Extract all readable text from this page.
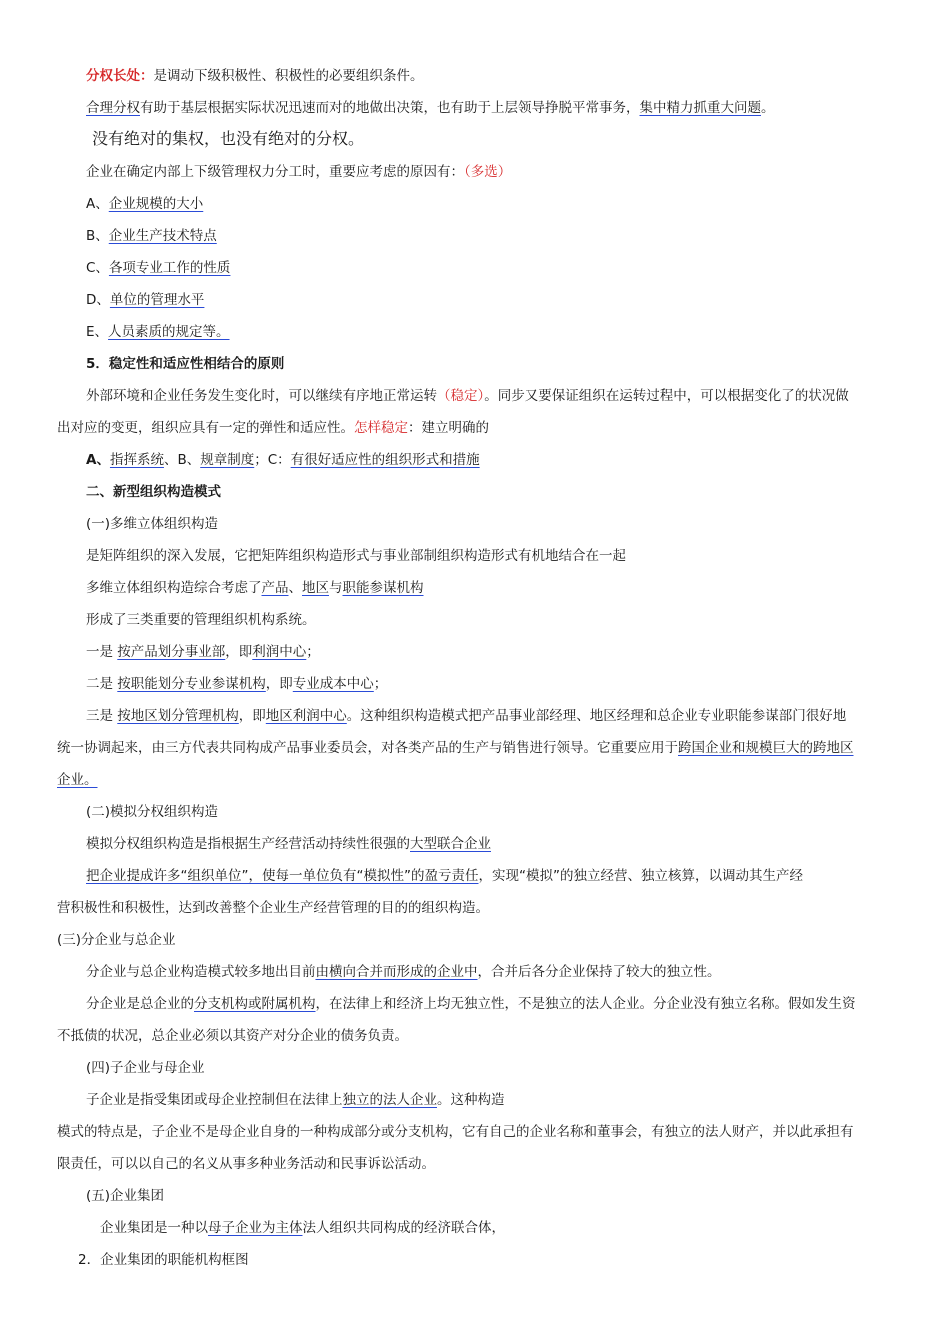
分权长处：是调动下级积极性、积极性的必要组织条件。
合理分权有助于基层根据实际状况迅速而对的地做出决策，也有助于上层领导挣脱平常事务，集中精力抓重大问题。
没有绝对的集权，也没有绝对的分权。
企业在确定内部上下级管理权力分工时，重要应考虑的原因有：（多选）
A、企业规模的大小
B、企业生产技术特点
C、各项专业工作的性质
D、单位的管理水平
E、人员素质的规定等。
5．稳定性和适应性相结合的原则
外部环境和企业任务发生变化时，可以继续有序地正常运转（稳定）。同步又要保证组织在运转过程中，可以根据变化了的状况做
出对应的变更，组织应具有一定的弹性和适应性。怎样稳定：建立明确的
A、指挥系统、B、规章制度；C：有很好适应性的组织形式和措施
二、新型组织构造模式
(一)多维立体组织构造
是矩阵组织的深入发展，它把矩阵组织构造形式与事业部制组织构造形式有机地结合在一起
多维立体组织构造综合考虑了产品、地区与职能参谋机构
形成了三类重要的管理组织机构系统。
一是 按产品划分事业部，即利润中心；
二是 按职能划分专业参谋机构，即专业成本中心；
三是 按地区划分管理机构，即地区利润中心。这种组织构造模式把产品事业部经理、地区经理和总企业专业职能参谋部门很好地
统一协调起来，由三方代表共同构成产品事业委员会，对各类产品的生产与销售进行领导。它重要应用于跨国企业和规模巨大的跨地区
企业。
(二)模拟分权组织构造
模拟分权组织构造是指根据生产经营活动持续性很强的大型联合企业
把企业提成许多“组织单位”，使每一单位负有“模拟性”的盈亏责任，实现“模拟”的独立经营、独立核算，以调动其生产经
营积极性和积极性，达到改善整个企业生产经营管理的目的的组织构造。
(三)分企业与总企业
分企业与总企业构造模式较多地出目前由横向合并而形成的企业中，合并后各分企业保持了较大的独立性。
分企业是总企业的分支机构或附属机构，在法律上和经济上均无独立性，不是独立的法人企业。分企业没有独立名称。假如发生资
不抵债的状况，总企业必须以其资产对分企业的债务负责。
(四)子企业与母企业
子企业是指受集团或母企业控制但在法律上独立的法人企业。这种构造
模式的特点是，子企业不是母企业自身的一种构成部分或分支机构，它有自己的企业名称和董事会，有独立的法人财产，并以此承担有
限责任，可以以自己的名义从事多种业务活动和民事诉讼活动。
(五)企业集团
企业集团是一种以母子企业为主体法人组织共同构成的经济联合体，
2．企业集团的职能机构框图
